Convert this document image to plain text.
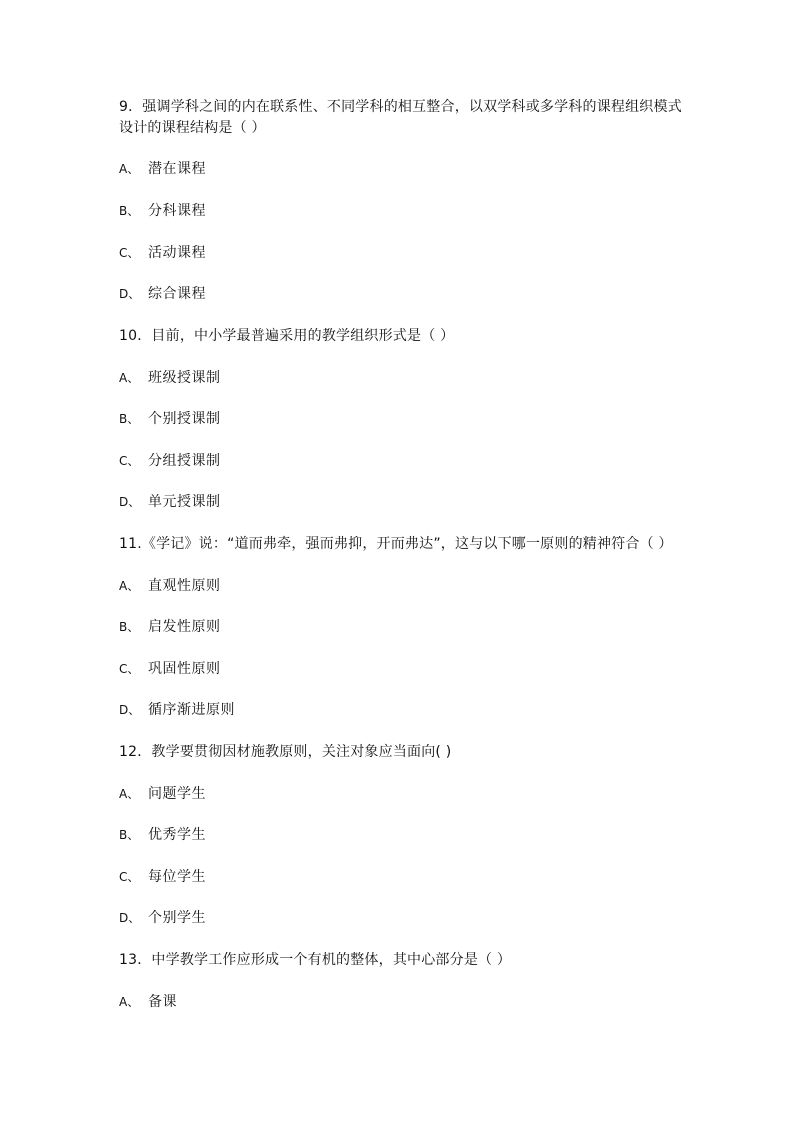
9．强调学科之间的内在联系性、不同学科的相互整合，以双学科或多学科的课程组织模式设计的课程结构是（ ）
A、 潜在课程
B、 分科课程
C、 活动课程
D、 综合课程
10．目前，中小学最普遍采用的教学组织形式是（ ）
A、 班级授课制
B、 个别授课制
C、 分组授课制
D、 单元授课制
11.《学记》说：“道而弗牵，强而弗抑，开而弗达”，这与以下哪一原则的精神符合（ ）
A、 直观性原则
B、 启发性原则
C、 巩固性原则
D、 循序渐进原则
12．教学要贯彻因材施教原则，关注对象应当面向( )
A、 问题学生
B、 优秀学生
C、 每位学生
D、 个别学生
13．中学教学工作应形成一个有机的整体，其中心部分是（ ）
A、 备课
